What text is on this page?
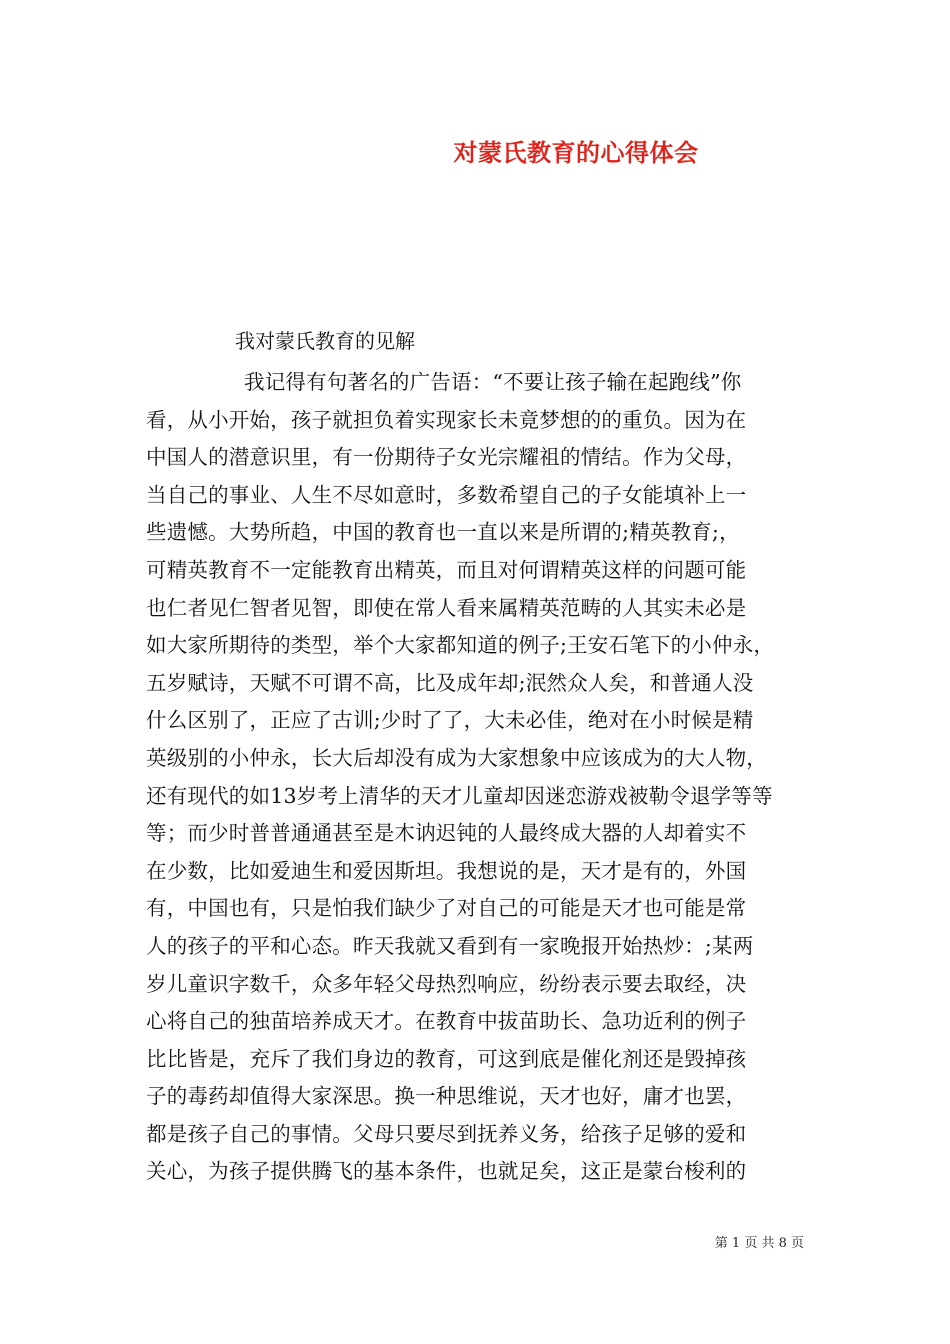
对蒙氏教育的心得体会
我对蒙氏教育的见解
我记得有句著名的广告语：“不要让孩子输在起跑线”你
看，从小开始，孩子就担负着实现家长未竟梦想的的重负。因为在
中国人的潜意识里，有一份期待子女光宗耀祖的情结。作为父母，
当自己的事业、人生不尽如意时，多数希望自己的子女能填补上一
些遗憾。大势所趋，中国的教育也一直以来是所谓的;精英教育;，
可精英教育不一定能教育出精英，而且对何谓精英这样的问题可能
也仁者见仁智者见智，即使在常人看来属精英范畴的人其实未必是
如大家所期待的类型，举个大家都知道的例子;王安石笔下的小仲永，
五岁赋诗，天赋不可谓不高，比及成年却;泯然众人矣，和普通人没
什么区别了，正应了古训;少时了了，大未必佳，绝对在小时候是精
英级别的小仲永，长大后却没有成为大家想象中应该成为的大人物，
还有现代的如13岁考上清华的天才儿童却因迷恋游戏被勒令退学等等
等；而少时普普通通甚至是木讷迟钝的人最终成大器的人却着实不
在少数，比如爱迪生和爱因斯坦。我想说的是，天才是有的，外国
有，中国也有，只是怕我们缺少了对自己的可能是天才也可能是常
人的孩子的平和心态。昨天我就又看到有一家晚报开始热炒：;某两
岁儿童识字数千，众多年轻父母热烈响应，纷纷表示要去取经，决
心将自己的独苗培养成天才。在教育中拔苗助长、急功近利的例子
比比皆是，充斥了我们身边的教育，可这到底是催化剂还是毁掉孩
子的毒药却值得大家深思。换一种思维说，天才也好，庸才也罢，
都是孩子自己的事情。父母只要尽到抚养义务，给孩子足够的爱和
关心，为孩子提供腾飞的基本条件，也就足矣，这正是蒙台梭利的
第 1 页 共 8 页
